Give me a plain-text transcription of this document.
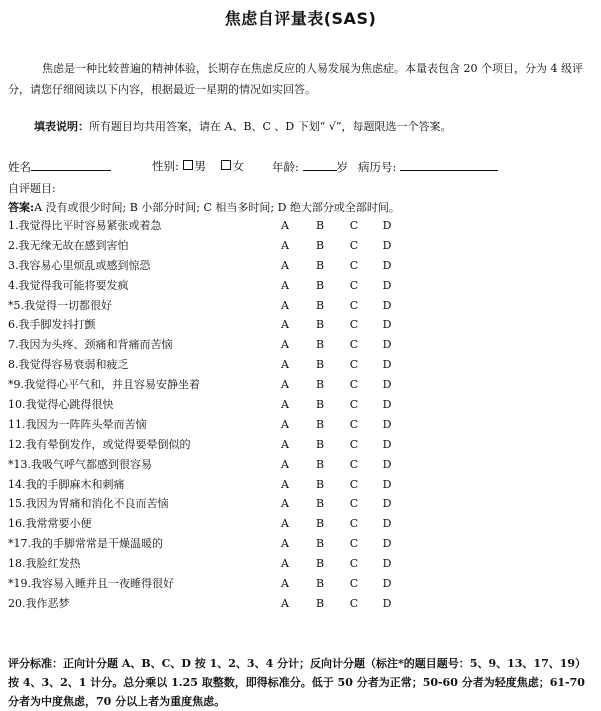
焦虑自评量表(SAS)
焦虑是一种比较普遍的精神体验，长期存在焦虑反应的人易发展为焦虑症。本量表包含 20 个项目，分为 4 级评分，请您仔细阅读以下内容，根据最近一星期的情况如实回答。
填表说明：所有题目均共用答案，请在 A、B、C 、D 下划“ √”，每题限选一个答案。
姓名	性别: 男 女 年龄:	岁 病历号:
自评题目:
答案:A 没有或很少时间; B 小部分时间; C 相当多时间; D 绝大部分或全部时间。
1.我觉得比平时容易紧张或着急	A B C D
2.我无缘无故在感到害怕	A B C D
3.我容易心里烦乱或感到惊恐	A B C D
4.我觉得我可能将要发疯	A B C D
*5.我觉得一切都很好	A B C D
6.我手脚发抖打颤	A B C D
7.我因为头疼、颈痛和背痛而苦恼	A B C D
8.我觉得容易衰弱和疲乏	A B C D
*9.我觉得心平气和，并且容易安静坐着	A B C D
10.我觉得心跳得很快	A B C D
11.我因为一阵阵头晕而苦恼	A B C D
12.我有晕倒发作，或觉得要晕倒似的	A B C D
*13.我吸气呼气都感到很容易	A B C D
14.我的手脚麻木和刺痛	A B C D
15.我因为胃痛和消化不良而苦恼	A B C D
16.我常常要小便	A B C D
*17.我的手脚常常是干燥温暖的	A B C D
18.我脸红发热	A B C D
*19.我容易入睡并且一夜睡得很好	A B C D
20.我作恶梦	A B C D
评分标准：正向计分题 A、B、C、D 按 1、2、3、4 分计；反向计分题（标注*的题目题号：5、9、13、17、19）按 4、3、2、1 计分。总分乘以 1.25 取整数，即得标准分。低于 50 分者为正常；50-60 分者为轻度焦虑；61-70 分者为中度焦虑，70 分以上者为重度焦虑。
